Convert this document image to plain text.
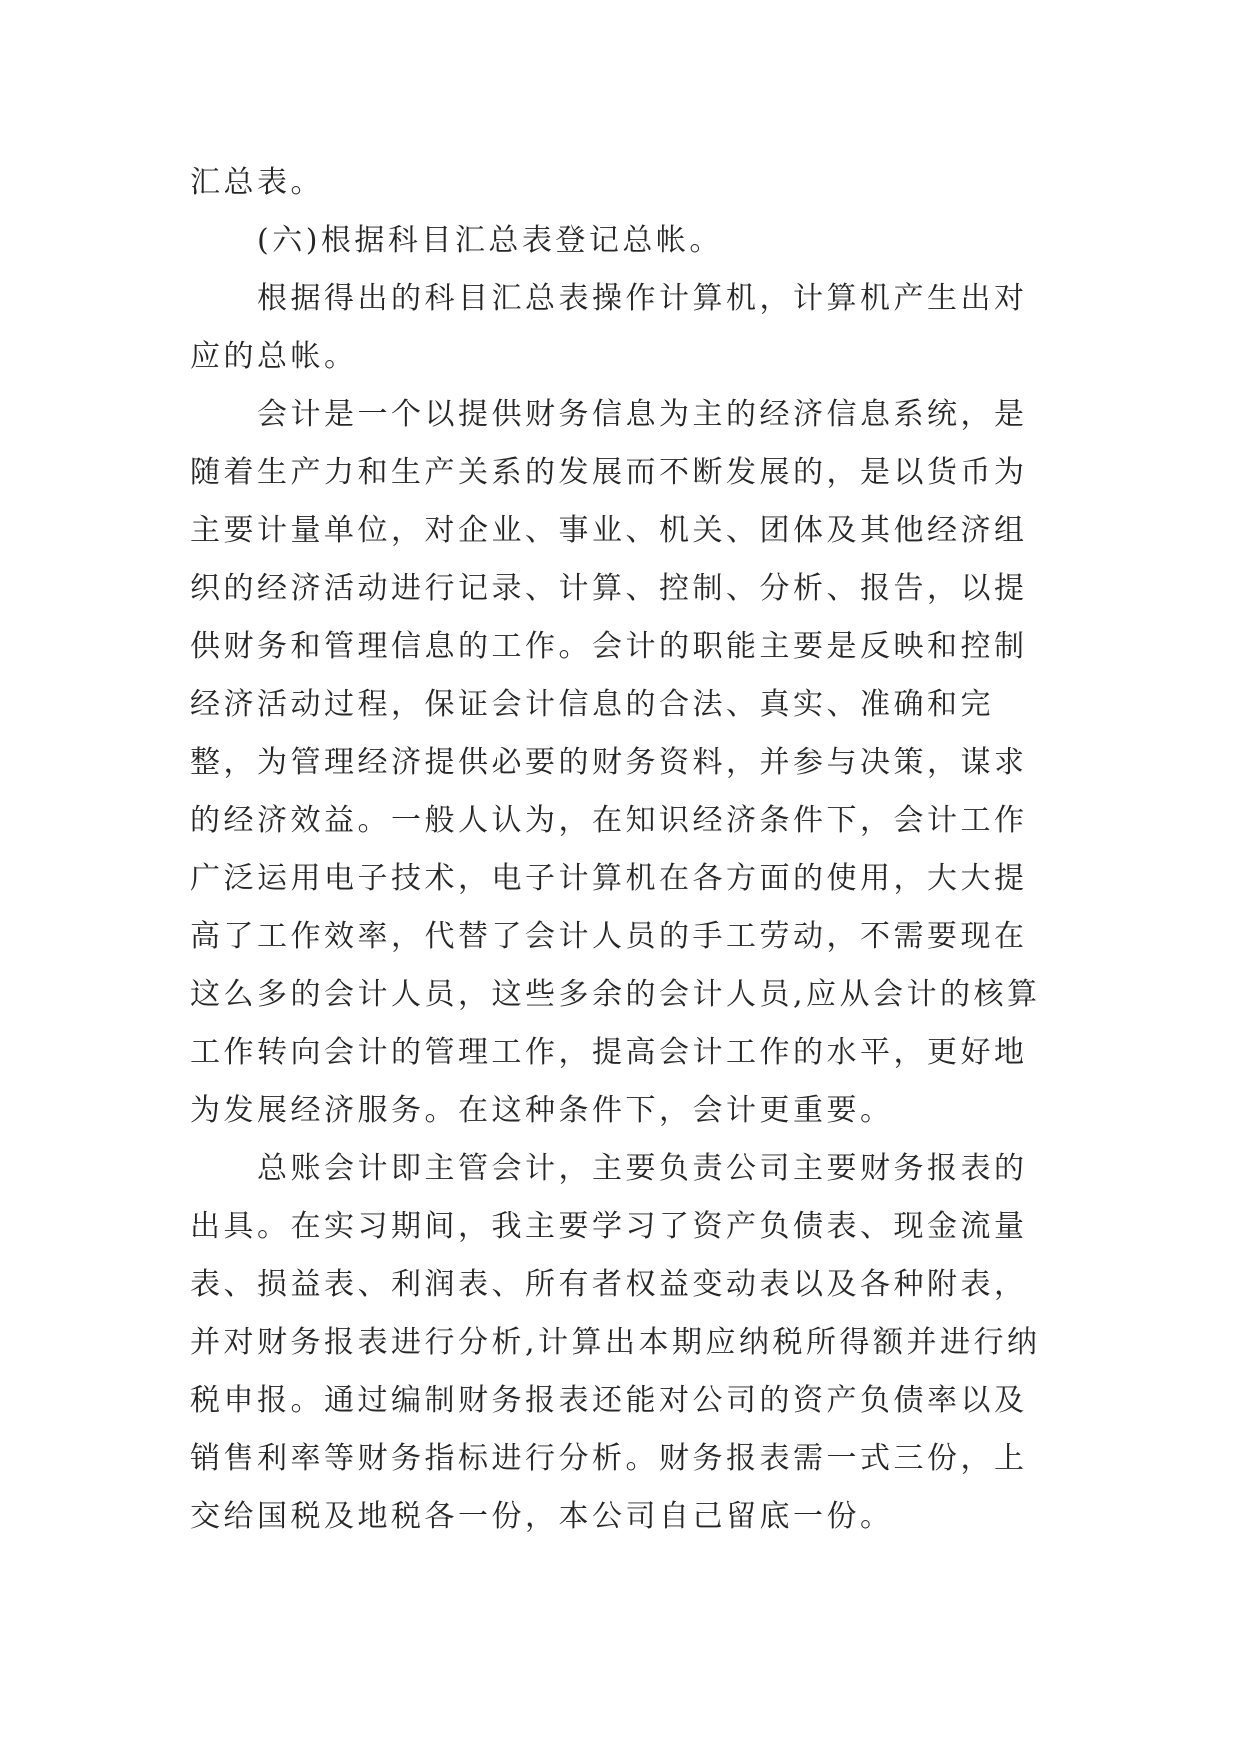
汇总表。

(六)根据科目汇总表登记总帐。

根据得出的科目汇总表操作计算机，计算机产生出对应的总帐。

会计是一个以提供财务信息为主的经济信息系统，是随着生产力和生产关系的发展而不断发展的，是以货币为主要计量单位，对企业、事业、机关、团体及其他经济组织的经济活动进行记录、计算、控制、分析、报告，以提供财务和管理信息的工作。会计的职能主要是反映和控制经济活动过程，保证会计信息的合法、真实、准确和完整，为管理经济提供必要的财务资料，并参与决策，谋求的经济效益。一般人认为，在知识经济条件下，会计工作广泛运用电子技术，电子计算机在各方面的使用，大大提高了工作效率，代替了会计人员的手工劳动，不需要现在这么多的会计人员，这些多余的会计人员,应从会计的核算工作转向会计的管理工作，提高会计工作的水平，更好地为发展经济服务。在这种条件下，会计更重要。

总账会计即主管会计，主要负责公司主要财务报表的出具。在实习期间，我主要学习了资产负债表、现金流量表、损益表、利润表、所有者权益变动表以及各种附表，并对财务报表进行分析,计算出本期应纳税所得额并进行纳税申报。通过编制财务报表还能对公司的资产负债率以及销售利率等财务指标进行分析。财务报表需一式三份，上交给国税及地税各一份，本公司自己留底一份。
